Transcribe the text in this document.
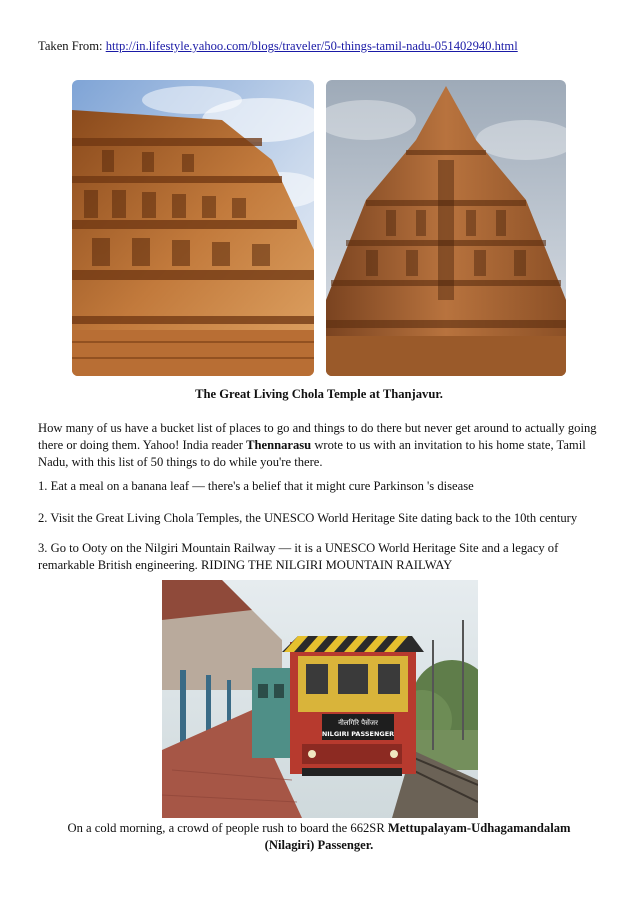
Taken From: http://in.lifestyle.yahoo.com/blogs/traveler/50-things-tamil-nadu-051402940.html
The Great Living Chola Temple at Thanjavur.
How many of us have a bucket list of places to go and things to do there but never get around to actually going there or doing them. Yahoo! India reader Thennarasu wrote to us with an invitation to his home state, Tamil Nadu, with this list of 50 things to do while you're there.
1. Eat a meal on a banana leaf — there's a belief that it might cure Parkinson 's disease
2. Visit the Great Living Chola Temples, the UNESCO World Heritage Site dating back to the 10th century
3. Go to Ooty on the Nilgiri Mountain Railway — it is a UNESCO World Heritage Site and a legacy of remarkable British engineering. RIDING THE NILGIRI MOUNTAIN RAILWAY
नीलगिरि पैसेंजर
NILGIRI PASSENGER
On a cold morning, a crowd of people rush to board the 662SR Mettupalayam-Udhagamandalam (Nilagiri) Passenger.
